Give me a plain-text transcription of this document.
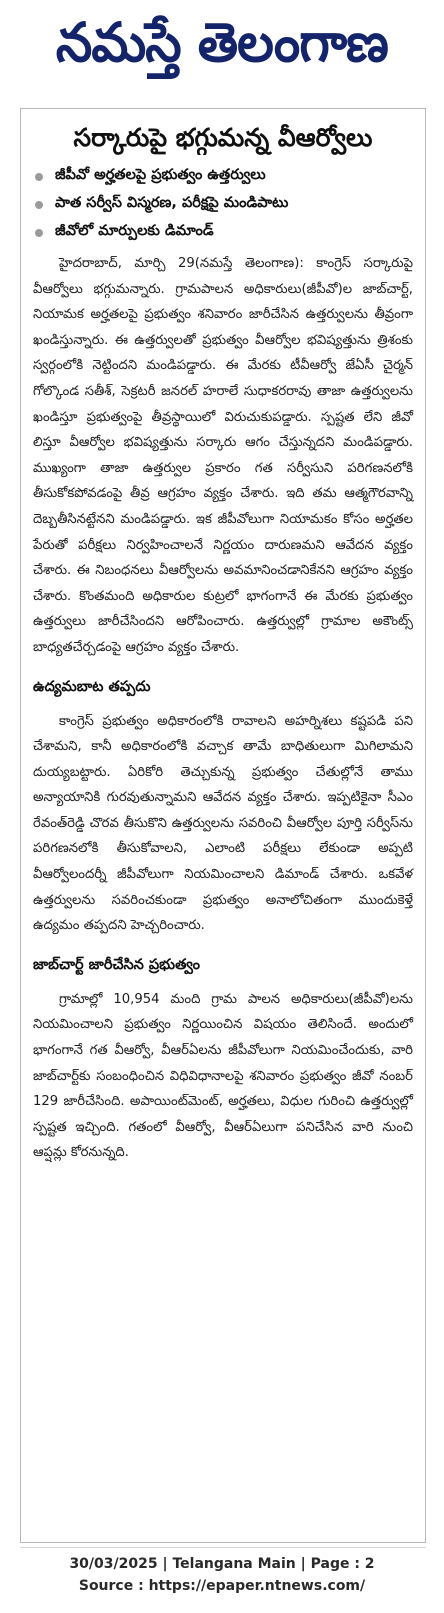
నమస్తే తెలంగాణ
సర్కారుపై భగ్గుమన్న వీఆర్వోలు
జీపీవో అర్హతలపై ప్రభుత్వం ఉత్తర్వులు
పాత సర్వీస్ విస్మరణ, పరీక్షపై మండిపాటు
జీవోలో మార్పులకు డిమాండ్

హైదరాబాద్, మార్చి 29(నమస్తే తెలంగాణ): కాంగ్రెస్ సర్కారుపై వీఆర్వోలు భగ్గుమన్నారు. గ్రామపాలన అధికారులు(జీపీవో)ల జాబ్‌చార్ట్, నియామక అర్హతలపై ప్రభుత్వం శనివారం జారీచేసిన ఉత్తర్వులను తీవ్రంగా ఖండిస్తున్నారు. ఈ ఉత్తర్వులతో ప్రభుత్వం వీఆర్వోల భవిష్యత్తును త్రిశంకు స్వర్గంలోకి నెట్టిందని మండిపడ్డారు. ఈ మేరకు టీవీఆర్వో జేఏసీ చైర్మన్ గోల్కొండ సతీశ్, సెక్రటరీ జనరల్ హరాలే సుధాకరరావు తాజా ఉత్తర్వులను ఖండిస్తూ ప్రభుత్వంపై తీవ్రస్థాయిలో విరుచుకుపడ్డారు. స్పష్టత లేని జీవో లిస్తూ వీఆర్వోల భవిష్యత్తును సర్కారు ఆగం చేస్తున్నదని మండిపడ్డారు. ముఖ్యంగా తాజా ఉత్తర్వుల ప్రకారం గత సర్వీసుని పరిగణనలోకి తీసుకోకపోవడంపై తీవ్ర ఆగ్రహం వ్యక్తం చేశారు. ఇది తమ ఆత్మగౌరవాన్ని దెబ్బతీసినట్టేనని మండిపడ్డారు. ఇక జీపీవోలుగా నియామకం కోసం అర్హతల పేరుతో పరీక్షలు నిర్వహించాలనే నిర్ణయం దారుణమని ఆవేదన వ్యక్తం చేశారు. ఈ నిబంధనలు వీఆర్వోలను అవమానించడానికేనని ఆగ్రహం వ్యక్తం చేశారు. కొంతమంది అధికారుల కుట్రలో భాగంగానే ఈ మేరకు ప్రభుత్వం ఉత్తర్వులు జారీచేసిందని ఆరోపించారు. ఉత్తర్వుల్లో గ్రామాల అకౌంట్స్ బాధ్యతచేర్చడంపై ఆగ్రహం వ్యక్తం చేశారు.

ఉద్యమబాట తప్పదు

కాంగ్రెస్ ప్రభుత్వం అధికారంలోకి రావాలని అహర్నిశలు కష్టపడి పని చేశామని, కానీ అధికారంలోకి వచ్చాక తామే బాధితులుగా మిగిలామని దుయ్యబట్టారు. ఏరికోరి తెచ్చుకున్న ప్రభుత్వం చేతుల్లోనే తాము అన్యాయానికి గురవుతున్నామని ఆవేదన వ్యక్తం చేశారు. ఇప్పటికైనా సీఎం రేవంత్‌రెడ్డి చొరవ తీసుకొని ఉత్తర్వులను సవరించి వీఆర్వోల పూర్తి సర్వీస్‌ను పరిగణనలోకి తీసుకోవాలని, ఎలాంటి పరీక్షలు లేకుండా అప్పటి వీఆర్వోలందర్నీ జీపీవోలుగా నియమించాలని డిమాండ్ చేశారు. ఒకవేళ ఉత్తర్వులను సవరించకుండా ప్రభుత్వం అనాలోచితంగా ముందుకెళ్తే ఉద్యమం తప్పదని హెచ్చరించారు.

జాబ్‌చార్ట్ జారీచేసిన ప్రభుత్వం

గ్రామాల్లో 10,954 మంది గ్రామ పాలన అధికారులు(జీపీవో)లను నియమించాలని ప్రభుత్వం నిర్ణయించిన విషయం తెలిసిందే. అందులో భాగంగానే గత వీఆర్వో, వీఆర్ఏలను జీపీవోలుగా నియమించేందుకు, వారి జాబ్‌చార్ట్‌కు సంబంధించిన విధివిధానాలపై శనివారం ప్రభుత్వం జీవో నంబర్ 129 జారీచేసింది. అపాయింట్‌మెంట్, అర్హతలు, విధుల గురించి ఉత్తర్వుల్లో స్పష్టత ఇచ్చింది. గతంలో వీఆర్వో, వీఆర్ఏలుగా పనిచేసిన వారి నుంచి ఆప్షన్లు కోరనున్నది.

30/03/2025 | Telangana Main | Page : 2
Source : https://epaper.ntnews.com/
